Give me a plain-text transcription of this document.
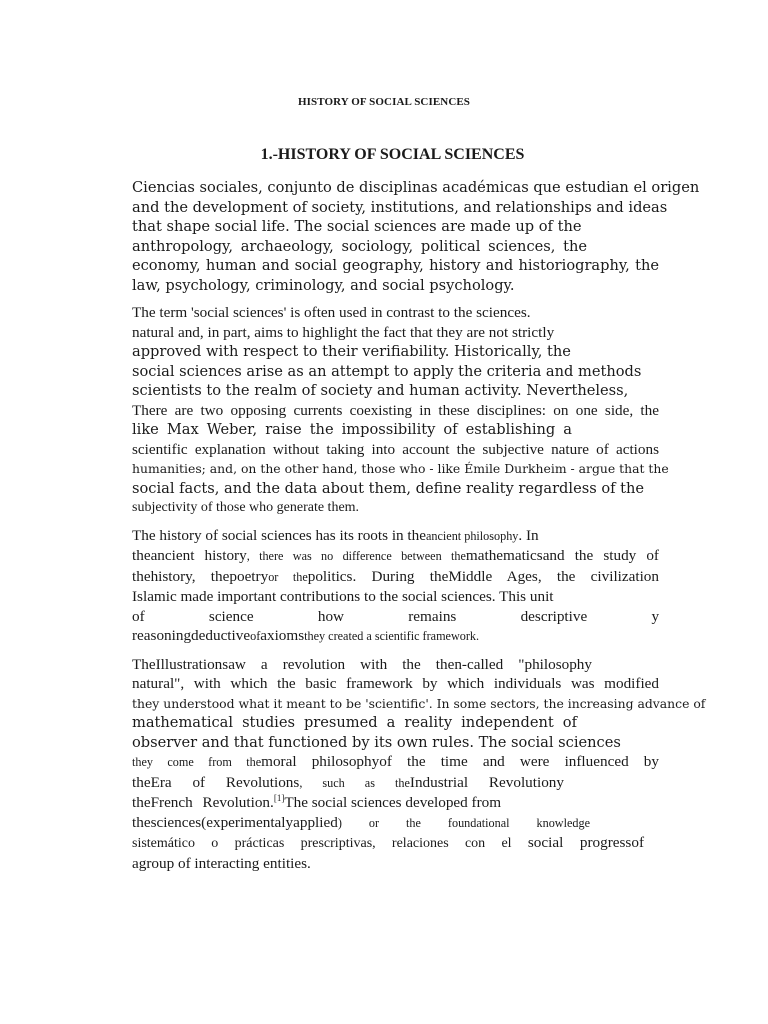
HISTORY OF SOCIAL SCIENCES
1.-HISTORY OF SOCIAL SCIENCES
Ciencias sociales, conjunto de disciplinas académicas que estudian el origen
and the development of society, institutions, and relationships and ideas
that shape social life. The social sciences are made up of the
anthropology, archaeology, sociology, political sciences, the
economy, human and social geography, history and historiography, the
law, psychology, criminology, and social psychology.
The term 'social sciences' is often used in contrast to the sciences.
natural and, in part, aims to highlight the fact that they are not strictly
approved with respect to their verifiability. Historically, the
social sciences arise as an attempt to apply the criteria and methods
scientists to the realm of society and human activity. Nevertheless,
There are two opposing currents coexisting in these disciplines: on one side, the
like Max Weber, raise the impossibility of establishing a
scientific explanation without taking into account the subjective nature of actions
humanities; and, on the other hand, those who - like Émile Durkheim - argue that the
social facts, and the data about them, define reality regardless of the
subjectivity of those who generate them.
The history of social sciences has its roots in theancient philosophy. In
theancient history, there was no difference between themathematicsand the study of
thehistory, thepoetryor thepolitics. During theMiddle Ages, the civilization
Islamic made important contributions to the social sciences. This unit
of	science	how	remains	descriptive	y
reasoningdeductiveofaxiomsthey created a scientific framework.
TheIllustrationsaw a revolution with the then-called "philosophy
natural", with which the basic framework by which individuals was modified
they understood what it meant to be 'scientific'. In some sectors, the increasing advance of
mathematical studies presumed a reality independent of
observer and that functioned by its own rules. The social sciences
they come from themoral philosophyof the time and were influenced by
theEra of Revolutions, such as theIndustrial Revolutiony
theFrench Revolution.[1]The social sciences developed from
thesciences(experimentalyapplied) or the foundational knowledge
sistemático o prácticas prescriptivas, relaciones con el social progressof
agroup of interacting entities.
